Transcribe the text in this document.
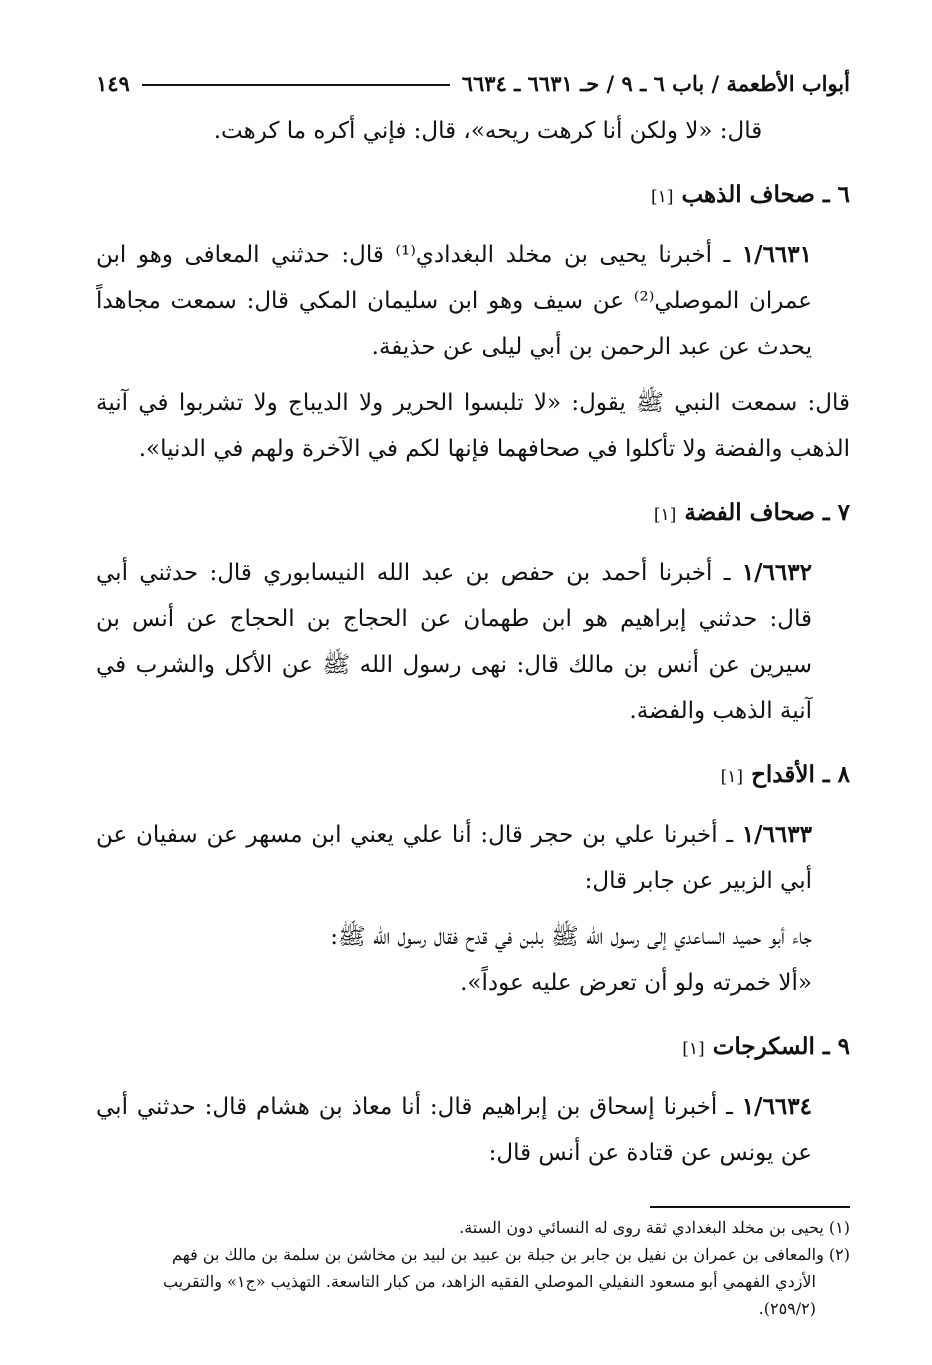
أبواب الأطعمة / باب ٦ ـ ٩ / حـ ٦٦٣١ ـ ٦٦٣٤
١٤٩

قال: «لا ولكن أنا كرهت ريحه»، قال: فإني أكره ما كرهت.

٦ ـ صحاف الذهب [١]

١/٦٦٣١ ـ أخبرنا يحيى بن مخلد البغدادي⁽¹⁾ قال: حدثني المعافى وهو ابن عمران الموصلي⁽²⁾ عن سيف وهو ابن سليمان المكي قال: سمعت مجاهداً يحدث عن عبد الرحمن بن أبي ليلى عن حذيفة.

قال: سمعت النبي ﷺ يقول: «لا تلبسوا الحرير ولا الديباج ولا تشربوا في آنية الذهب والفضة ولا تأكلوا في صحافهما فإنها لكم في الآخرة ولهم في الدنيا».

٧ ـ صحاف الفضة [١]

١/٦٦٣٢ ـ أخبرنا أحمد بن حفص بن عبد الله النيسابوري قال: حدثني أبي قال: حدثني إبراهيم هو ابن طهمان عن الحجاج بن الحجاج عن أنس بن سيرين عن أنس بن مالك قال: نهى رسول الله ﷺ عن الأكل والشرب في آنية الذهب والفضة.

٨ ـ الأقداح [١]

١/٦٦٣٣ ـ أخبرنا علي بن حجر قال: أنا علي يعني ابن مسهر عن سفيان عن أبي الزبير عن جابر قال:

جاء أبو حميد الساعدي إلى رسول الله ﷺ بلبن في قدح فقال رسول الله ﷺ:

«ألا خمرته ولو أن تعرض عليه عوداً».

٩ ـ السكرجات [١]

١/٦٦٣٤ ـ أخبرنا إسحاق بن إبراهيم قال: أنا معاذ بن هشام قال: حدثني أبي عن يونس عن قتادة عن أنس قال:

(١) يحيى بن مخلد البغدادي ثقة روى له النسائي دون الستة.

(٢) والمعافى بن عمران بن نفيل بن جابر بن جبلة بن عبيد بن لبيد بن مخاشن بن سلمة بن مالك بن فهم

الأزدي الفهمي أبو مسعود النفيلي الموصلي الفقيه الزاهد، من كبار التاسعة. التهذيب «ج١» والتقريب

(٢٥٩/٢).
